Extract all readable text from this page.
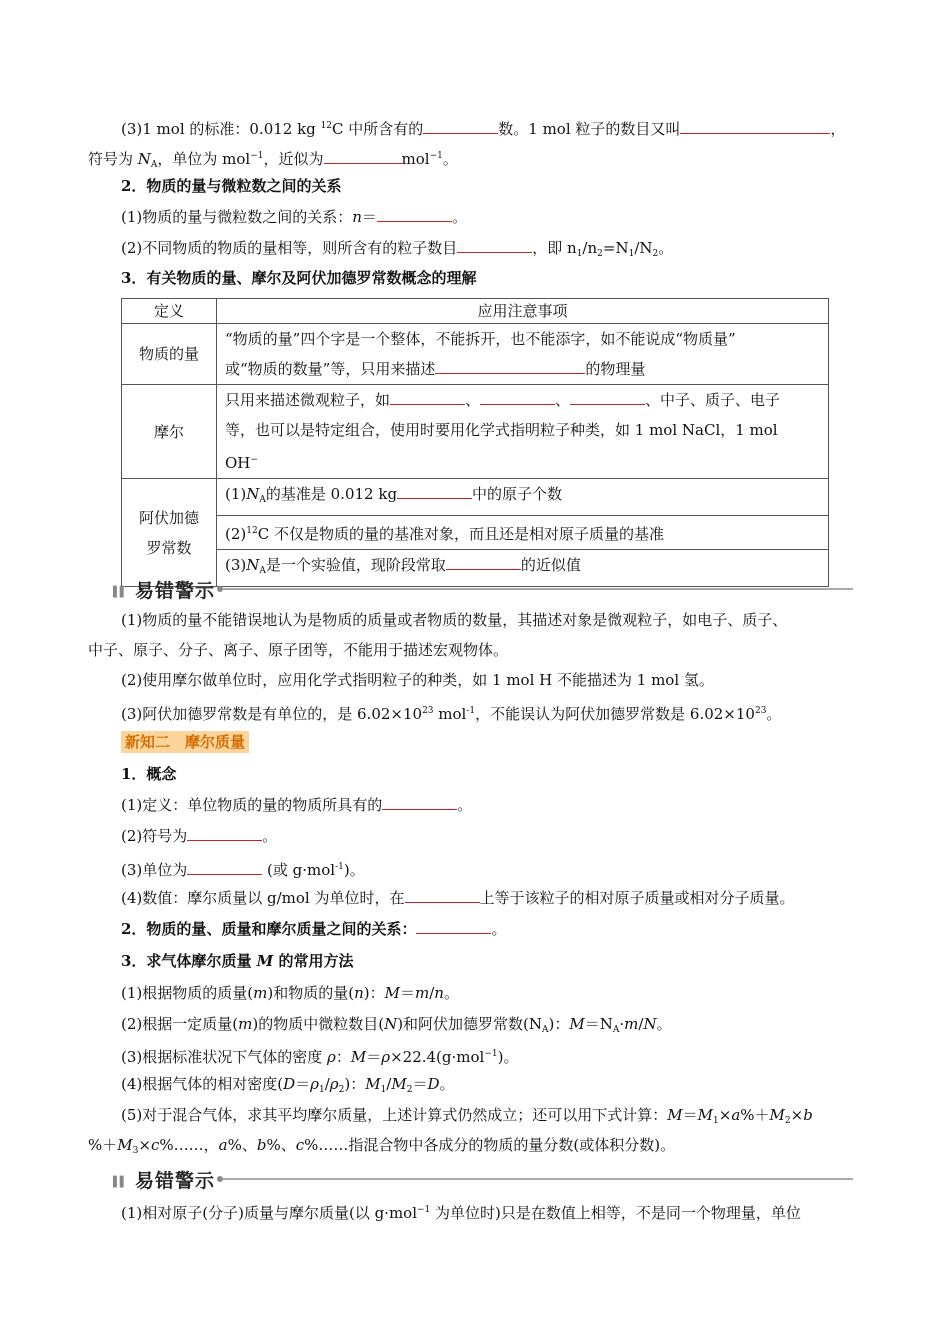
(3)1 mol 的标准：0.012 kg $^{12}$C 中所含有的	数。1 mol 粒子的数目又叫	，
符号为 $N_A$，单位为 mol$^{-1}$，近似为	mol$^{-1}$。
2．物质的量与微粒数之间的关系
(1)物质的量与微粒数之间的关系：n＝	。
(2)不同物质的物质的量相等，则所含有的粒子数目	，即 $n_1/n_2=N_1/N_2$。
3．有关物质的量、摩尔及阿伏加德罗常数概念的理解
定义	应用注意事项
物质的量	“物质的量”四个字是一个整体，不能拆开，也不能添字，如不能说成“物质量”
或“物质的数量”等，只用来描述 的物理量

摩尔	只用来描述微观粒子，如 、 、 、中子、质子、电子
等，也可以是特定组合，使用时要用化学式指明粒子种类，如 1 mol NaCl，1 mol
OH−

阿伏加德
罗常数	$(1)N_A$的基准是 0.012 kg 中的原子个数
	$(2)^{12}C$ 不仅是物质的量的基准对象，而且还是相对原子质量的基准
	$(3)N_A$是一个实验值，现阶段常取 的近似值
▌▌ 易错警示
(1)物质的量不能错误地认为是物质的质量或者物质的数量，其描述对象是微观粒子，如电子、质子、
中子、原子、分子、离子、原子团等，不能用于描述宏观物体。
(2)使用摩尔做单位时，应用化学式指明粒子的种类，如 1 mol H 不能描述为 1 mol 氢。
(3)阿伏加德罗常数是有单位的，是 $6.02\times 10^{23}$ mol$^{-1}$，不能误认为阿伏加德罗常数是 $6.02\times 10^{23}$。
新知二　摩尔质量
1．概念
(1)定义：单位物质的量的物质所具有的	。
(2)符号为	。
(3)单位为	(或 g·mol$^{-1}$)。
(4)数值：摩尔质量以 g/mol 为单位时，在	上等于该粒子的相对原子质量或相对分子质量。
2．物质的量、质量和摩尔质量之间的关系：	。
3．求气体摩尔质量 M 的常用方法
(1)根据物质的质量(m)和物质的量(n)：M＝m/n。
(2)根据一定质量(m)的物质中微粒数目(N)和阿伏加德罗常数$(N_A)$：$M=N_A\cdot m/N$。
(3)根据标准状况下气体的密度 ρ：M＝ρ×22.4(g·mol$^{-1}$)。
(4)根据气体的相对密度$(D=\rho_1/\rho_2)$：$M_1/M_2=D$。
(5)对于混合气体，求其平均摩尔质量，上述计算式仍然成立；还可以用下式计算：$M=M_1\times a\%+M_2\times b$
$\%+M_3\times c\%\dots\dots$，a%、b%、c%……指混合物中各成分的物质的量分数(或体积分数)。
▌▌ 易错警示
(1)相对原子(分子)质量与摩尔质量(以 g·mol$^{-1}$ 为单位时)只是在数值上相等，不是同一个物理量，单位
